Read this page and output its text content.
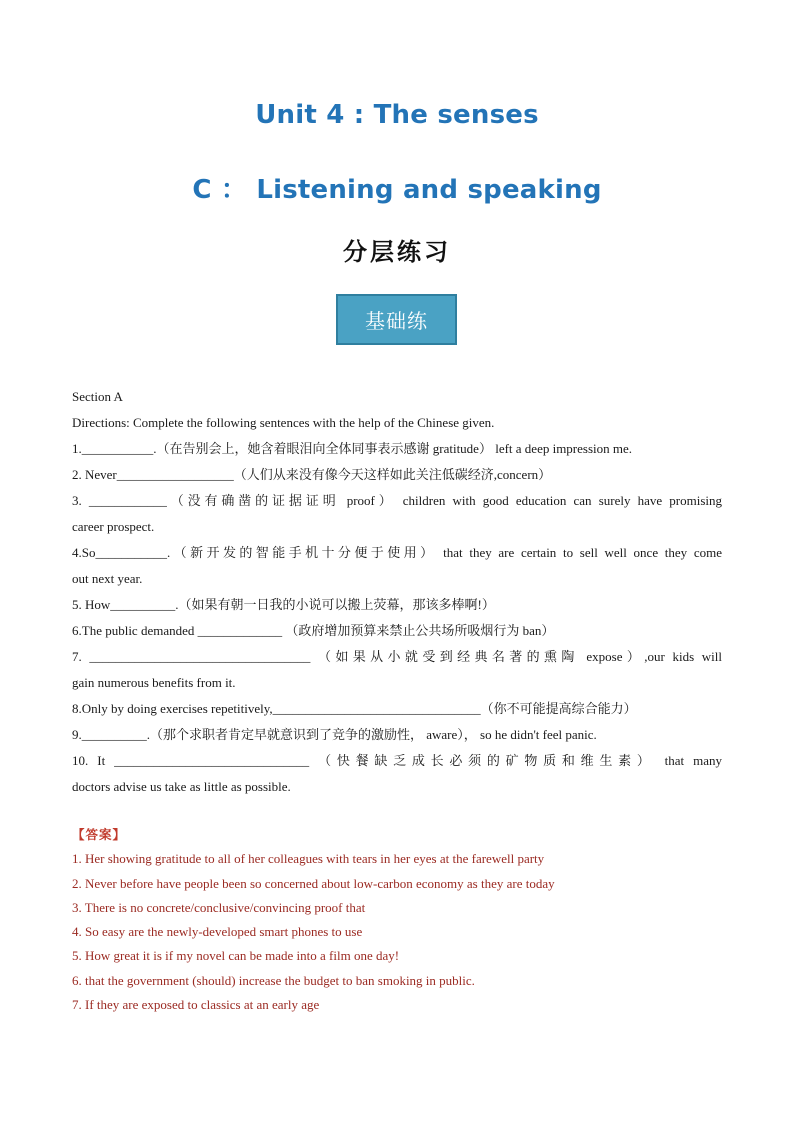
Unit 4 : The senses
C ： Listening and speaking
分层练习
基础练
Section A
Directions: Complete the following sentences with the help of the Chinese given.
1.___________.（在告别会上，她含着眼泪向全体同事表示感谢 gratitude） left a deep impression me.
2. Never__________________（人们从来没有像今天这样如此关注低碳经济,concern）
3. ____________（没有确凿的证据证明 proof） children with good education can surely have promising
career prospect.
4.So___________.（新开发的智能手机十分便于使用） that they are certain to sell well once they come
out next year.
5. How__________.（如果有朝一日我的小说可以搬上荧幕，那该多棒啊!）
6.The public demanded _____________ （政府增加预算来禁止公共场所吸烟行为 ban）
7. __________________________________ （如果从小就受到经典名著的熏陶 expose）,our kids will
gain numerous benefits from it.
8.Only by doing exercises repetitively,________________________________（你不可能提高综合能力）
9.__________.（那个求职者肯定早就意识到了竞争的激励性， aware）， so he didn't feel panic.
10. It ______________________________ （快餐缺乏成长必须的矿物质和维生素） that many
doctors advise us take as little as possible.
【答案】
1. Her showing gratitude to all of her colleagues with tears in her eyes at the farewell party
2. Never before have people been so concerned about low-carbon economy as they are today
3. There is no concrete/conclusive/convincing proof that
4. So easy are the newly-developed smart phones to use
5. How great it is if my novel can be made into a film one day!
6. that the government (should) increase the budget to ban smoking in public.
7. If they are exposed to classics at an early age
